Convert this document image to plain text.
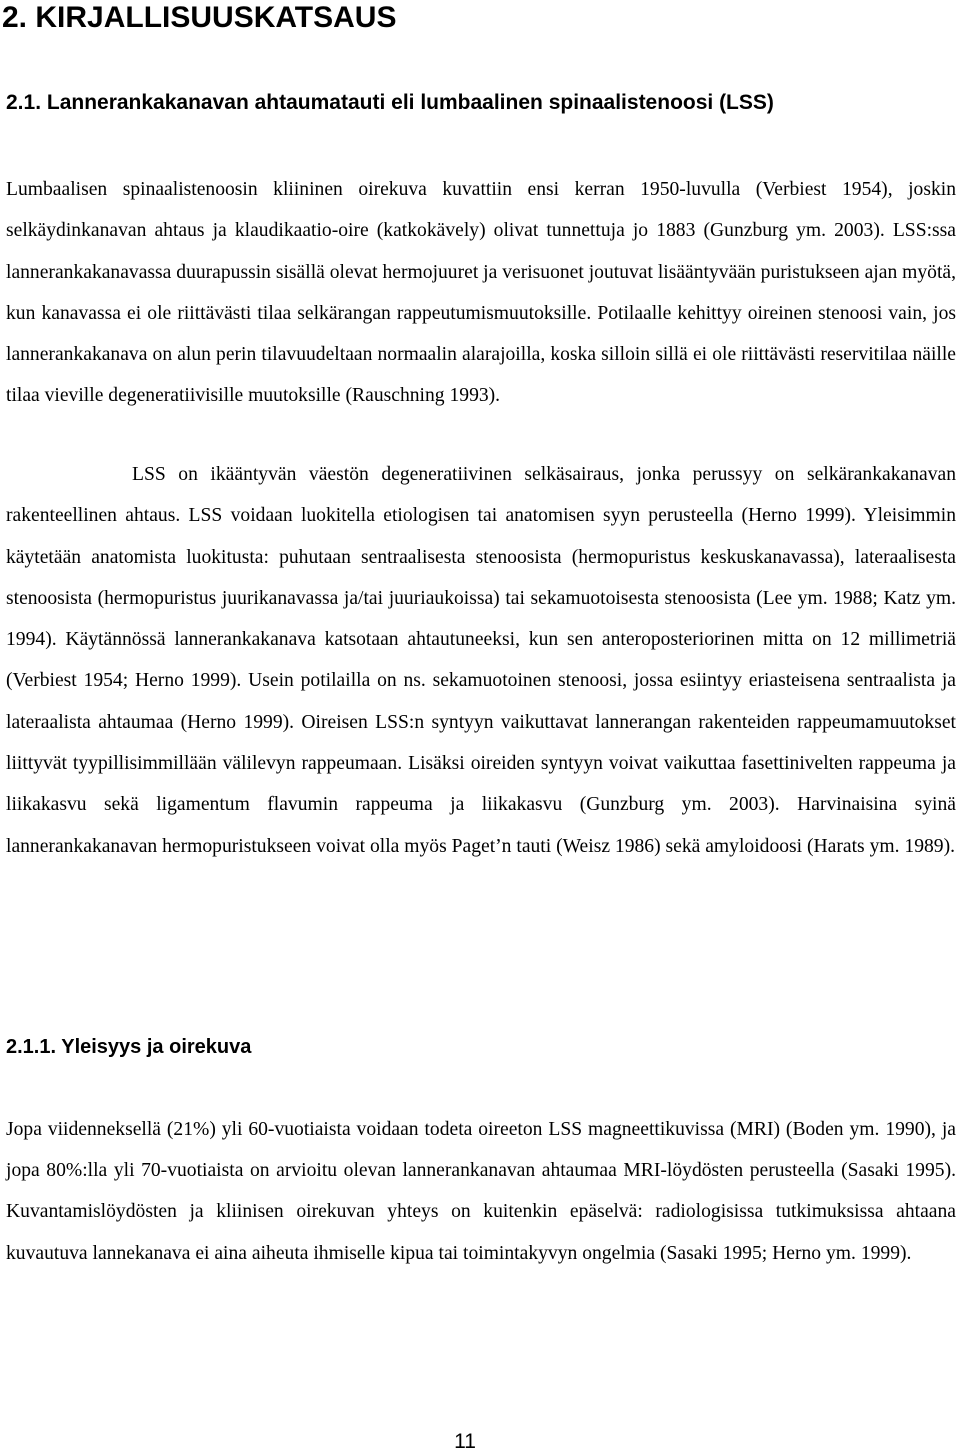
2. KIRJALLISUUSKATSAUS
2.1. Lannerankakanavan ahtaumatauti eli lumbaalinen spinaalistenoosi (LSS)

Lumbaalisen spinaalistenoosin kliininen oirekuva kuvattiin ensi kerran 1950-luvulla (Verbiest 1954), joskin selkäydinkanavan ahtaus ja klaudikaatio-oire (katkokävely) olivat tunnettuja jo 1883 (Gunzburg ym. 2003). LSS:ssa lannerankakanavassa duurapussin sisällä olevat hermojuuret ja verisuonet joutuvat lisääntyvään puristukseen ajan myötä, kun kanavassa ei ole riittävästi tilaa selkärangan rappeutumismuutoksille. Potilaalle kehittyy oireinen stenoosi vain, jos lannerankakanava on alun perin tilavuudeltaan normaalin alarajoilla, koska silloin sillä ei ole riittävästi reservitilaa näille tilaa vieville degeneratiivisille muutoksille (Rauschning 1993).

LSS on ikääntyvän väestön degeneratiivinen selkäsairaus, jonka perussyy on selkärankakanavan rakenteellinen ahtaus. LSS voidaan luokitella etiologisen tai anatomisen syyn perusteella (Herno 1999). Yleisimmin käytetään anatomista luokitusta: puhutaan sentraalisesta stenoosista (hermopuristus keskuskanavassa), lateraalisesta stenoosista (hermopuristus juurikanavassa ja/tai juuriaukoissa) tai sekamuotoisesta stenoosista (Lee ym. 1988; Katz ym. 1994). Käytännössä lannerankakanava katsotaan ahtautuneeksi, kun sen anteroposteriorinen mitta on 12 millimetriä (Verbiest 1954; Herno 1999). Usein potilailla on ns. sekamuotoinen stenoosi, jossa esiintyy eriasteisena sentraalista ja lateraalista ahtaumaa (Herno 1999). Oireisen LSS:n syntyyn vaikuttavat lannerangan rakenteiden rappeumamuutokset liittyvät tyypillisimmillään välilevyn rappeumaan. Lisäksi oireiden syntyyn voivat vaikuttaa fasettinivelten rappeuma ja liikakasvu sekä ligamentum flavumin rappeuma ja liikakasvu (Gunzburg ym. 2003). Harvinaisina syinä lannerankakanavan hermopuristukseen voivat olla myös Paget’n tauti (Weisz 1986) sekä amyloidoosi (Harats ym. 1989).

2.1.1. Yleisyys ja oirekuva

Jopa viidenneksellä (21%) yli 60-vuotiaista voidaan todeta oireeton LSS magneettikuvissa (MRI) (Boden ym. 1990), ja jopa 80%:lla yli 70-vuotiaista on arvioitu olevan lannerankanavan ahtaumaa MRI-löydösten perusteella (Sasaki 1995). Kuvantamislöydösten ja kliinisen oirekuvan yhteys on kuitenkin epäselvä: radiologisissa tutkimuksissa ahtaana kuvautuva lannekanava ei aina aiheuta ihmiselle kipua tai toimintakyvyn ongelmia (Sasaki 1995; Herno ym. 1999).

11
